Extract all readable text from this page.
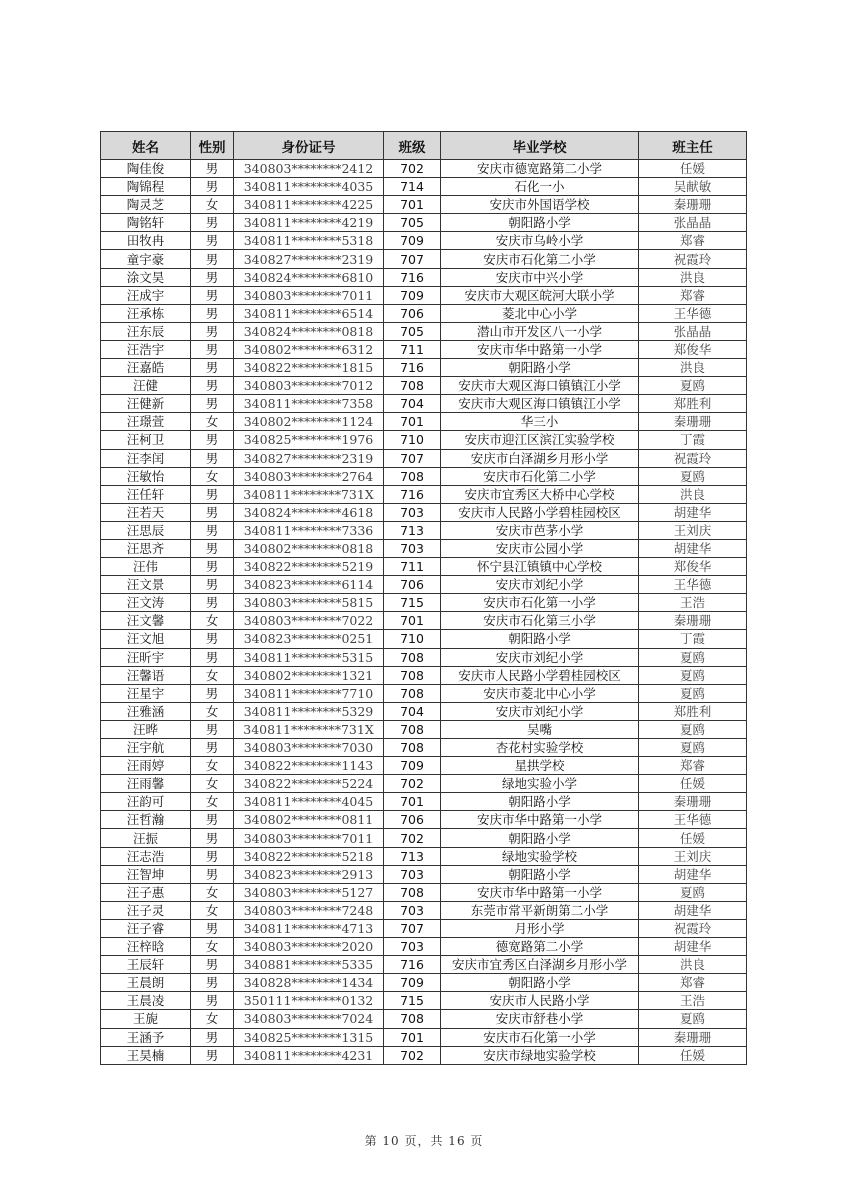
姓名	性别	身份证号	班级	毕业学校	班主任
陶佳俊	男	340803********2412	702	安庆市德宽路第二小学	任媛
陶锦程	男	340811********4035	714	石化一小	吴献敏
陶灵芝	女	340811********4225	701	安庆市外国语学校	秦珊珊
陶铭轩	男	340811********4219	705	朝阳路小学	张晶晶
田牧冉	男	340811********5318	709	安庆市乌岭小学	郑睿
童宇豪	男	340827********2319	707	安庆市石化第二小学	祝霞玲
涂文昊	男	340824********6810	716	安庆市中兴小学	洪良
汪成宇	男	340803********7011	709	安庆市大观区皖河大联小学	郑睿
汪承栋	男	340811********6514	706	菱北中心小学	王华德
汪东辰	男	340824********0818	705	潜山市开发区八一小学	张晶晶
汪浩宇	男	340802********6312	711	安庆市华中路第一小学	郑俊华
汪嘉皓	男	340822********1815	716	朝阳路小学	洪良
汪健	男	340803********7012	708	安庆市大观区海口镇镇江小学	夏鸥
汪健新	男	340811********7358	704	安庆市大观区海口镇镇江小学	郑胜利
汪璟萱	女	340802********1124	701	华三小	秦珊珊
汪柯卫	男	340825********1976	710	安庆市迎江区滨江实验学校	丁霞
汪李闰	男	340827********2319	707	安庆市白泽湖乡月形小学	祝霞玲
汪敏怡	女	340803********2764	708	安庆市石化第二小学	夏鸥
汪任轩	男	340811********731X	716	安庆市宜秀区大桥中心学校	洪良
汪若天	男	340824********4618	703	安庆市人民路小学碧桂园校区	胡建华
汪思辰	男	340811********7336	713	安庆市芭茅小学	王刘庆
汪思齐	男	340802********0818	703	安庆市公园小学	胡建华
汪伟	男	340822********5219	711	怀宁县江镇镇中心学校	郑俊华
汪文景	男	340823********6114	706	安庆市刘纪小学	王华德
汪文涛	男	340803********5815	715	安庆市石化第一小学	王浩
汪文馨	女	340803********7022	701	安庆市石化第三小学	秦珊珊
汪文旭	男	340823********0251	710	朝阳路小学	丁霞
汪昕宇	男	340811********5315	708	安庆市刘纪小学	夏鸥
汪馨语	女	340802********1321	708	安庆市人民路小学碧桂园校区	夏鸥
汪星宇	男	340811********7710	708	安庆市菱北中心小学	夏鸥
汪雅涵	女	340811********5329	704	安庆市刘纪小学	郑胜利
汪晔	男	340811********731X	708	吴嘴	夏鸥
汪宇航	男	340803********7030	708	杏花村实验学校	夏鸥
汪雨婷	女	340822********1143	709	星拱学校	郑睿
汪雨馨	女	340822********5224	702	绿地实验小学	任媛
汪韵可	女	340811********4045	701	朝阳路小学	秦珊珊
汪哲瀚	男	340802********0811	706	安庆市华中路第一小学	王华德
汪振	男	340803********7011	702	朝阳路小学	任媛
汪志浩	男	340822********5218	713	绿地实验学校	王刘庆
汪智坤	男	340823********2913	703	朝阳路小学	胡建华
汪子惠	女	340803********5127	708	安庆市华中路第一小学	夏鸥
汪子灵	女	340803********7248	703	东莞市常平新朗第二小学	胡建华
汪子睿	男	340811********4713	707	月形小学	祝霞玲
汪梓晗	女	340803********2020	703	德宽路第二小学	胡建华
王辰轩	男	340881********5335	716	安庆市宜秀区白泽湖乡月形小学	洪良
王晨朗	男	340828********1434	709	朝阳路小学	郑睿
王晨凌	男	350111********0132	715	安庆市人民路小学	王浩
王旎	女	340803********7024	708	安庆市舒巷小学	夏鸥
王涵予	男	340825********1315	701	安庆市石化第一小学	秦珊珊
王昊楠	男	340811********4231	702	安庆市绿地实验学校	任媛
第 10 页，共 16 页
